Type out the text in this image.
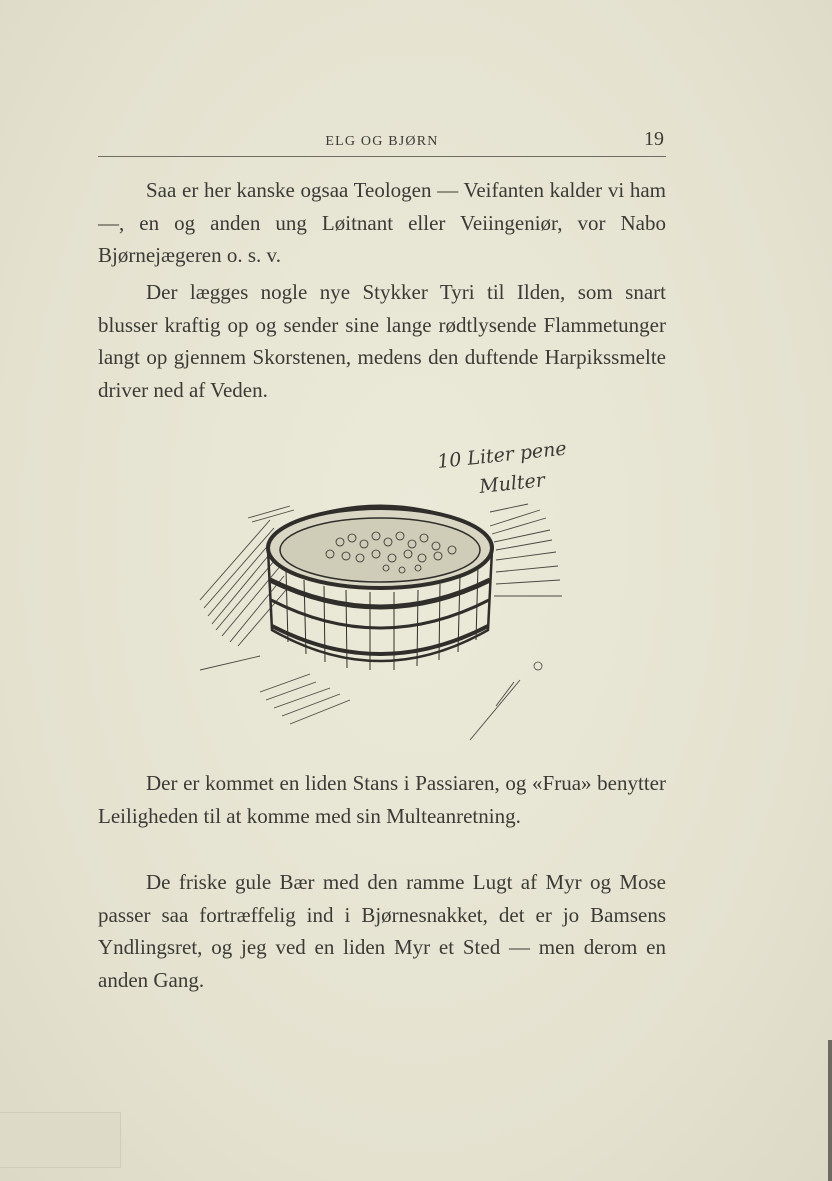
ELG OG BJØRN	19

Saa er her kanske ogsaa Teologen — Veifanten kalder vi ham —, en og anden ung Løitnant eller Veiingeniør, vor Nabo Bjørnejægeren o. s. v.

Der lægges nogle nye Stykker Tyri til Ilden, som snart blusser kraftig op og sender sine lange rødtlysende Flammetunger langt op gjennem Skorstenen, medens den duftende Harpikssmelte driver ned af Veden.

10 Liter pene
Multer

Der er kommet en liden Stans i Passiaren, og «Frua» benytter Leiligheden til at komme med sin Multeanretning.

De friske gule Bær med den ramme Lugt af Myr og Mose passer saa fortræffelig ind i Bjørnesnakket, det er jo Bamsens Yndlingsret, og jeg ved en liden Myr et Sted — men derom en anden Gang.
